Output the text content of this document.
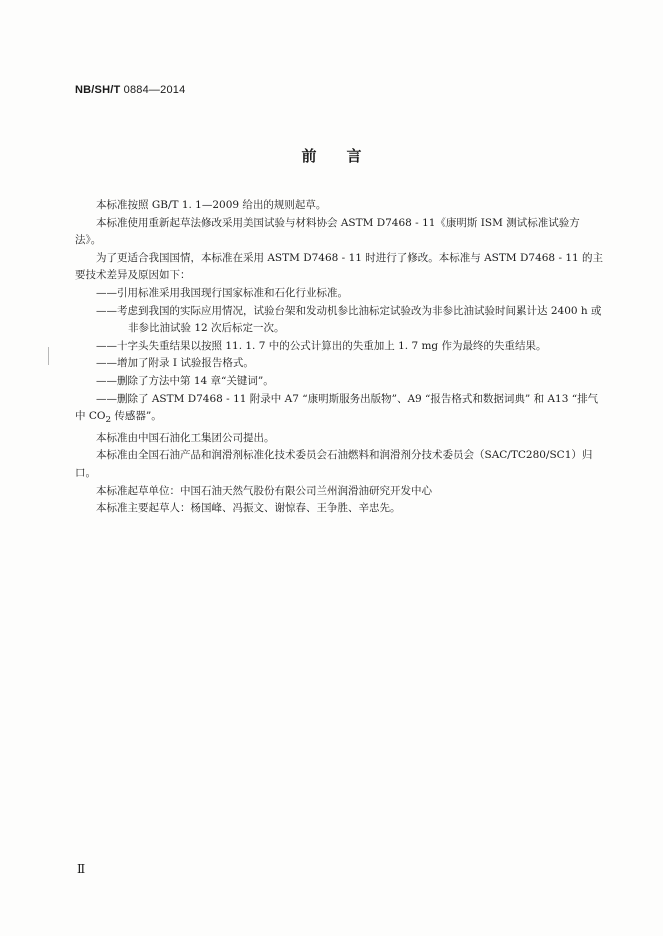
NB/SH/T 0884—2014
前言

本标准按照 GB/T 1. 1—2009 给出的规则起草。

本标准使用重新起草法修改采用美国试验与材料协会 ASTM D7468 - 11《康明斯 ISM 测试标准试验方法》。

为了更适合我国国情，本标准在采用 ASTM D7468 - 11 时进行了修改。本标准与 ASTM D7468 - 11 的主要技术差异及原因如下：

——引用标准采用我国现行国家标准和石化行业标准。

——考虑到我国的实际应用情况，试验台架和发动机参比油标定试验改为非参比油试验时间累计达 2400 h 或非参比油试验 12 次后标定一次。

——十字头失重结果以按照 11. 1. 7 中的公式计算出的失重加上 1. 7 mg 作为最终的失重结果。

——增加了附录 I 试验报告格式。

——删除了方法中第 14 章“关键词”。

——删除了 ASTM D7468 - 11 附录中 A7 “康明斯服务出版物”、A9 “报告格式和数据词典” 和 A13 “排气中 $CO_2$ 传感器”。

本标准由中国石油化工集团公司提出。

本标准由全国石油产品和润滑剂标准化技术委员会石油燃料和润滑剂分技术委员会（SAC/TC280/SC1）归口。

本标准起草单位：中国石油天然气股份有限公司兰州润滑油研究开发中心

本标准主要起草人：杨国峰、冯振文、谢惊春、王争胜、辛忠先。

Ⅱ
